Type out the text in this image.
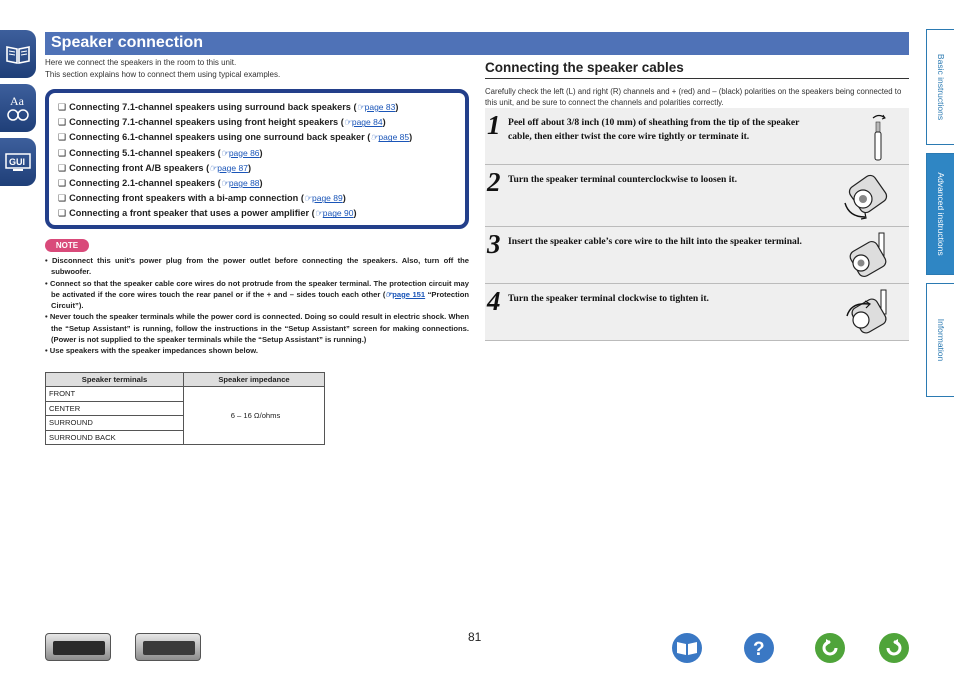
Aa
GUI
Speaker connection
Here we connect the speakers in the room to this unit.
This section explains how to connect them using typical examples.
❑ Connecting 7.1-channel speakers using surround back speakers (☞page 83)
❑ Connecting 7.1-channel speakers using front height speakers (☞page 84)
❑ Connecting 6.1-channel speakers using one surround back speaker (☞page 85)
❑ Connecting 5.1-channel speakers (☞page 86)
❑ Connecting front A/B speakers (☞page 87)
❑ Connecting 2.1-channel speakers (☞page 88)
❑ Connecting front speakers with a bi-amp connection (☞page 89)
❑ Connecting a front speaker that uses a power amplifier (☞page 90)
NOTE
• Disconnect this unit’s power plug from the power outlet before connecting the speakers. Also, turn off the subwoofer.
• Connect so that the speaker cable core wires do not protrude from the speaker terminal. The protection circuit may be activated if the core wires touch the rear panel or if the + and – sides touch each other (☞page 151 “Protection Circuit”).
• Never touch the speaker terminals while the power cord is connected. Doing so could result in electric shock. When the “Setup Assistant” is running, follow the instructions in the “Setup Assistant” screen for making connections. (Power is not supplied to the speaker terminals while the “Setup Assistant” is running.)
• Use speakers with the speaker impedances shown below.
Speaker terminals	Speaker impedance
FRONT	6 – 16 Ω/ohms
CENTER	
SURROUND	
SURROUND BACK	
Connecting the speaker cables
Carefully check the left (L) and right (R) channels and + (red) and – (black) polarities on the speakers being connected to this unit, and be sure to connect the channels and polarities correctly.
1 Peel off about 3/8 inch (10 mm) of sheathing from the tip of the speaker cable, then either twist the core wire tightly or terminate it.
2 Turn the speaker terminal counterclockwise to loosen it.
3 Insert the speaker cable’s core wire to the hilt into the speaker terminal.
4 Turn the speaker terminal clockwise to tighten it.
Basic instructions
Advanced instructions
Information
81
?
